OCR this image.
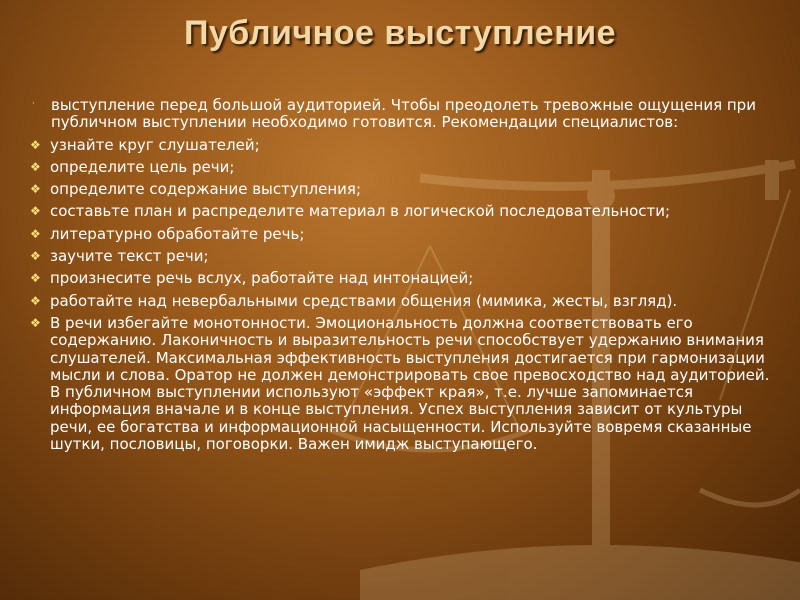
Публичное выступление
·	выступление перед большой аудиторией. Чтобы преодолеть тревожные ощущения при публичном выступлении необходимо готовится. Рекомендации специалистов:
❖ узнайте круг слушателей;
❖ определите цель речи;
❖ определите содержание выступления;
❖ составьте план и распределите материал в логической последовательности;
❖ литературно обработайте речь;
❖ заучите текст речи;
❖ произнесите речь вслух, работайте над интонацией;
❖ работайте над невербальными средствами общения (мимика, жесты, взгляд).
❖ В речи избегайте монотонности. Эмоциональность должна соответствовать его содержанию. Лаконичность и выразительность речи способствует удержанию внимания слушателей. Максимальная эффективность выступления достигается при гармонизации мысли и слова. Оратор не должен демонстрировать свое превосходство над аудиторией. В публичном выступлении используют «эффект края», т.е. лучше запоминается информация вначале и в конце выступления. Успех выступления зависит от культуры речи, ее богатства и информационной насыщенности. Используйте вовремя сказанные шутки, пословицы, поговорки. Важен имидж выступающего.
